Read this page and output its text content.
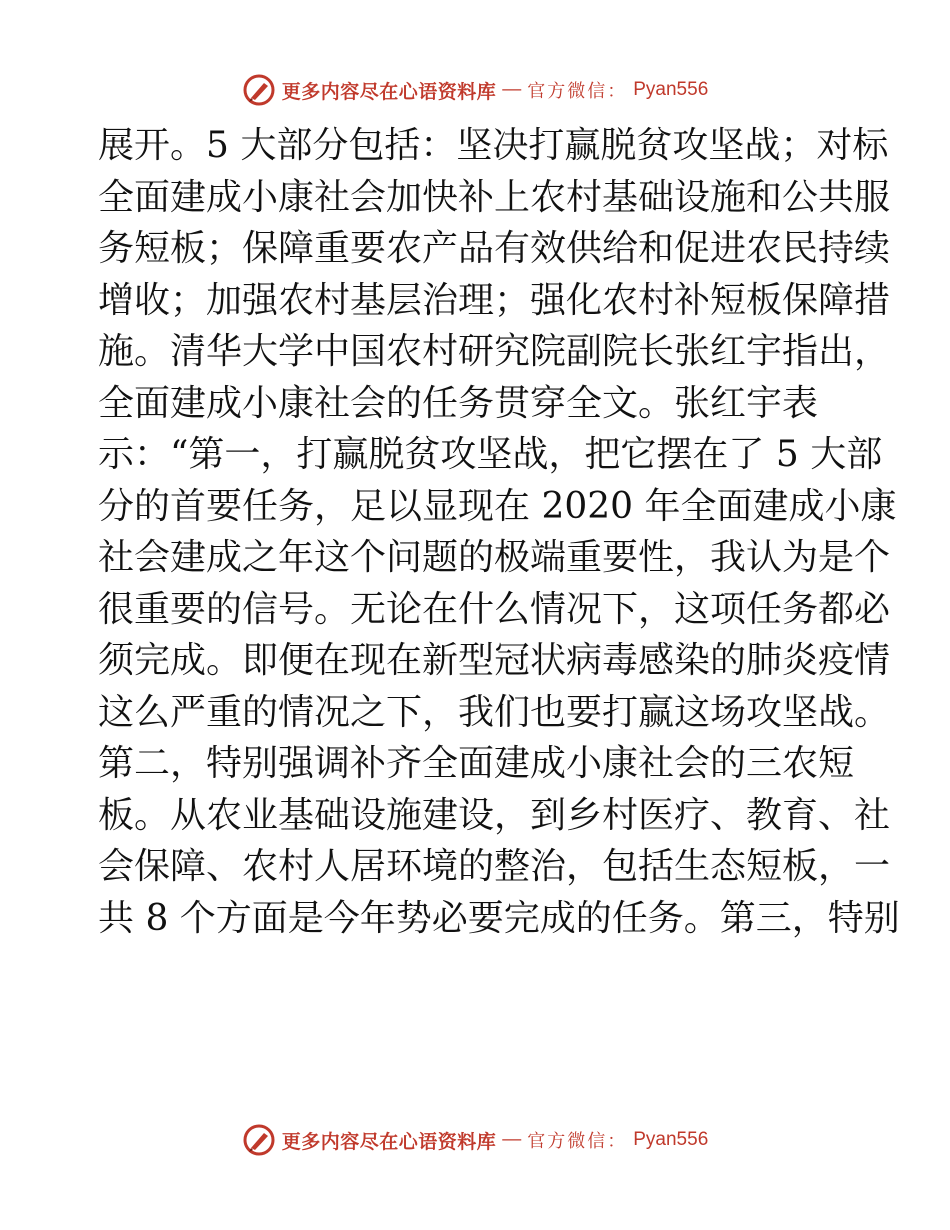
更多内容尽在心语资料库 — 官方微信： Pyan556
展开。5 大部分包括：坚决打赢脱贫攻坚战；对标
全面建成小康社会加快补上农村基础设施和公共服
务短板；保障重要农产品有效供给和促进农民持续
增收；加强农村基层治理；强化农村补短板保障措
施。清华大学中国农村研究院副院长张红宇指出，
全面建成小康社会的任务贯穿全文。张红宇表
示：“第一，打赢脱贫攻坚战，把它摆在了 5 大部
分的首要任务，足以显现在 2020 年全面建成小康
社会建成之年这个问题的极端重要性，我认为是个
很重要的信号。无论在什么情况下，这项任务都必
须完成。即便在现在新型冠状病毒感染的肺炎疫情
这么严重的情况之下，我们也要打赢这场攻坚战。
第二，特别强调补齐全面建成小康社会的三农短
板。从农业基础设施建设，到乡村医疗、教育、社
会保障、农村人居环境的整治，包括生态短板，一
共 8 个方面是今年势必要完成的任务。第三，特别
更多内容尽在心语资料库 — 官方微信： Pyan556
